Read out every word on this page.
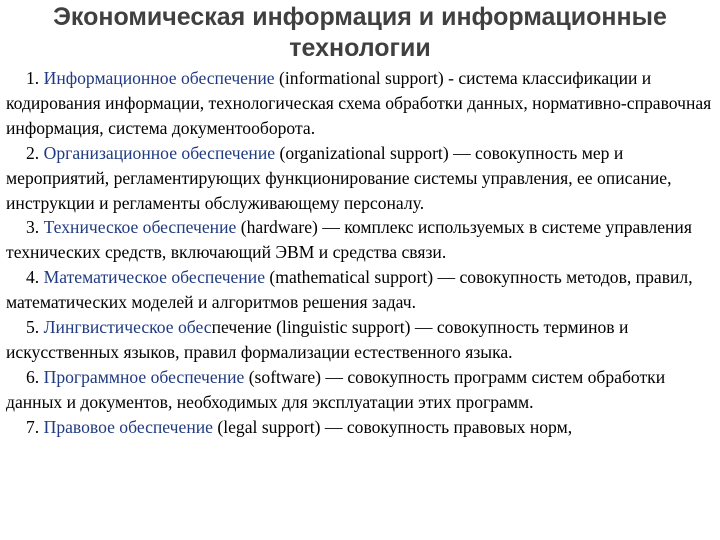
Экономическая информация и информационные
технологии

1. Информационное обеспечение (informational support) - система классификации и кодирования информации, технологическая схема обработки данных, нормативно-справочная информация, система документооборота.

2. Организационное обеспечение (organizational support) — совокупность мер и мероприятий, регламентирующих функционирование системы управления, ее описание, инструкции и регламенты обслуживающему персоналу.

3. Техническое обеспечение (hardware) — комплекс используемых в системе управления технических средств, включающий ЭВМ и средства связи.

4. Математическое обеспечение (mathematical support) — совокупность методов, правил, математических моделей и алгоритмов решения задач.

5. Лингвистическое обеспечение (linguistic support) — совокупность терминов и искусственных языков, правил формализации естественного языка.

6. Программное обеспечение (software) — совокупность программ систем обработки данных и документов, необходимых для эксплуатации этих программ.

7. Правовое обеспечение (legal support) — совокупность правовых норм,
